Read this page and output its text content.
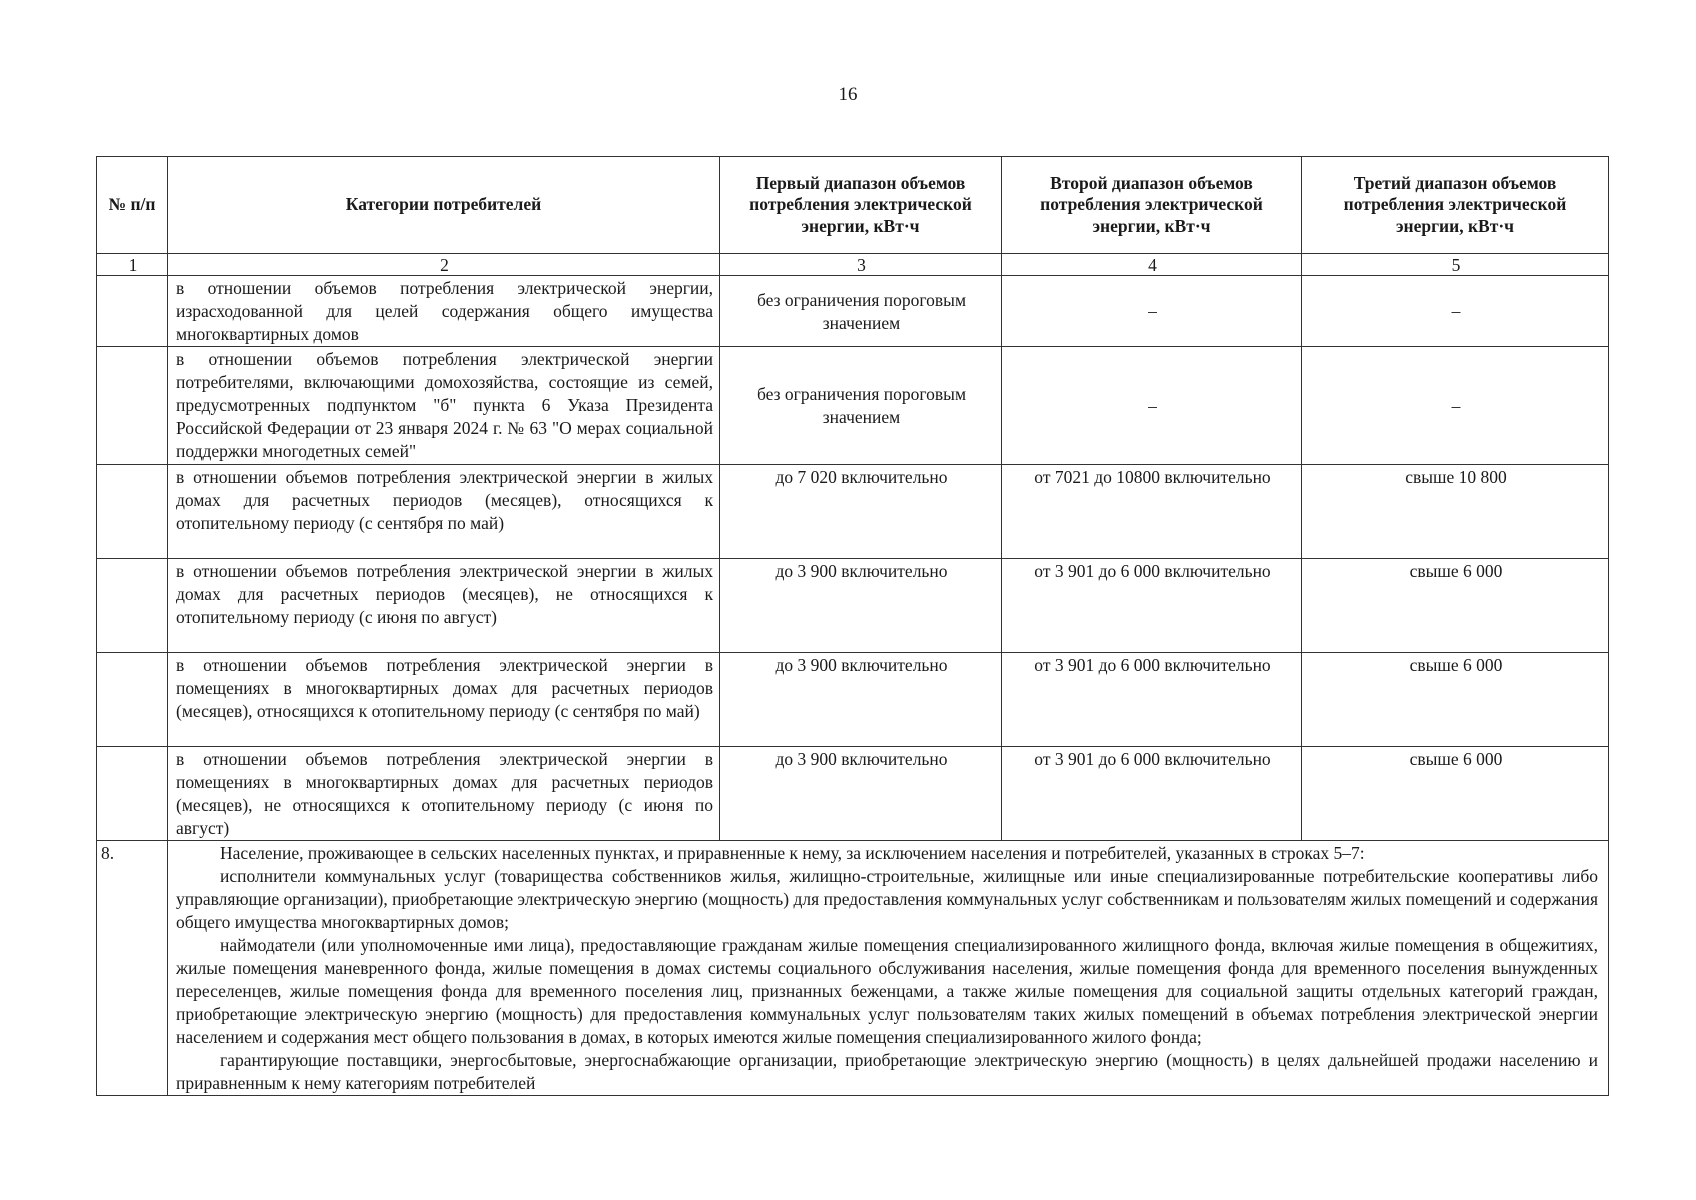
16
№ п/п	Категории потребителей	Первый диапазон объемов потребления электрической энергии, кВт·ч	Второй диапазон объемов потребления электрической энергии, кВт·ч	Третий диапазон объемов потребления электрической энергии, кВт·ч
1	2	3	4	5
	в отношении объемов потребления электрической энергии, израсходованной для целей содержания общего имущества многоквартирных домов	без ограничения пороговым значением	–	–
	в отношении объемов потребления электрической энергии потребителями, включающими домохозяйства, состоящие из семей, предусмотренных подпунктом "б" пункта 6 Указа Президента Российской Федерации от 23 января 2024 г. № 63 "О мерах социальной поддержки многодетных семей"	без ограничения пороговым значением	–	–
	в отношении объемов потребления электрической энергии в жилых домах для расчетных периодов (месяцев), относящихся к отопительному периоду (с сентября по май)	до 7 020 включительно	от 7021 до 10800 включительно	свыше 10 800
	в отношении объемов потребления электрической энергии в жилых домах для расчетных периодов (месяцев), не относящихся к отопительному периоду (с июня по август)	до 3 900 включительно	от 3 901 до 6 000 включительно	свыше 6 000
	в отношении объемов потребления электрической энергии в помещениях в многоквартирных домах для расчетных периодов (месяцев), относящихся к отопительному периоду (с сентября по май)	до 3 900 включительно	от 3 901 до 6 000 включительно	свыше 6 000
	в отношении объемов потребления электрической энергии в помещениях в многоквартирных домах для расчетных периодов (месяцев), не относящихся к отопительному периоду (с июня по август)	до 3 900 включительно	от 3 901 до 6 000 включительно	свыше 6 000
8.	Население, проживающее в сельских населенных пунктах, и приравненные к нему, за исключением населения и потребителей, указанных в строках 5–7:

исполнители коммунальных услуг (товарищества собственников жилья, жилищно-строительные, жилищные или иные специализированные потребительские кооперативы либо управляющие организации), приобретающие электрическую энергию (мощность) для предоставления коммунальных услуг собственникам и пользователям жилых помещений и содержания общего имущества многоквартирных домов;

наймодатели (или уполномоченные ими лица), предоставляющие гражданам жилые помещения специализированного жилищного фонда, включая жилые помещения в общежитиях, жилые помещения маневренного фонда, жилые помещения в домах системы социального обслуживания населения, жилые помещения фонда для временного поселения вынужденных переселенцев, жилые помещения фонда для временного поселения лиц, признанных беженцами, а также жилые помещения для социальной защиты отдельных категорий граждан, приобретающие электрическую энергию (мощность) для предоставления коммунальных услуг пользователям таких жилых помещений в объемах потребления электрической энергии населением и содержания мест общего пользования в домах, в которых имеются жилые помещения специализированного жилого фонда;

гарантирующие поставщики, энергосбытовые, энергоснабжающие организации, приобретающие электрическую энергию (мощность) в целях дальнейшей продажи населению и приравненным к нему категориям потребителей			
